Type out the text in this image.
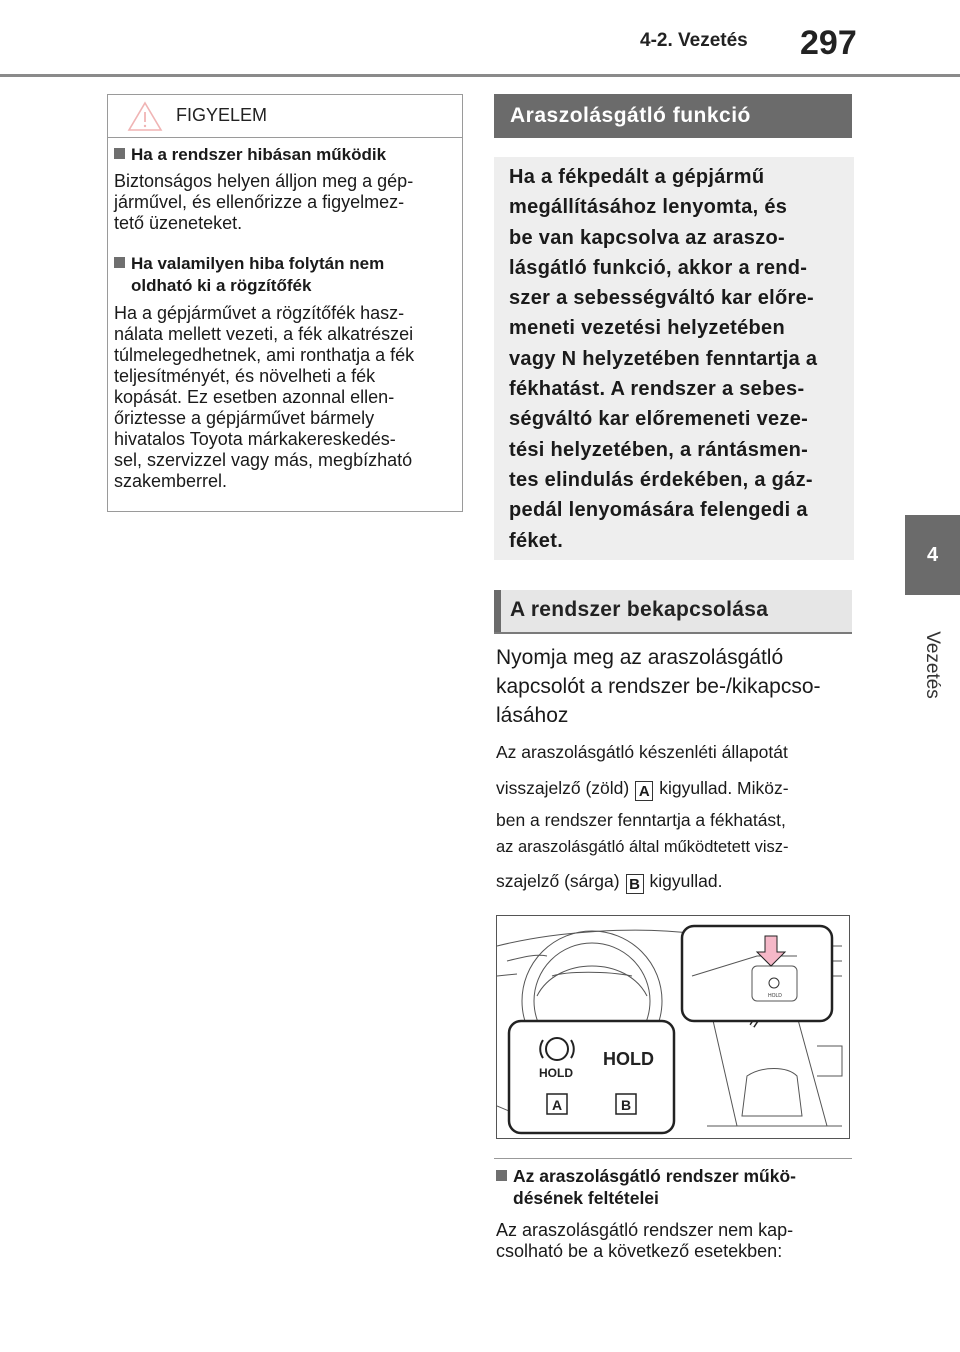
4-2. Vezetés	297
4
Vezetés
FIGYELEM
Ha a rendszer hibásan működik
Biztonságos helyen álljon meg a gép-
járművel, és ellenőrizze a figyelmez-
tető üzeneteket.
Ha valamilyen hiba folytán nem
oldható ki a rögzítőfék
Ha a gépjárművet a rögzítőfék hasz-
nálata mellett vezeti, a fék alkatrészei
túlmelegedhetnek, ami ronthatja a fék
teljesítményét, és növelheti a fék
kopását. Ez esetben azonnal ellen-
őriztesse a gépjárművet bármely
hivatalos Toyota márkakereskedés-
sel, szervizzel vagy más, megbízható
szakemberrel.
Araszolásgátló funkció

Ha a fékpedált a gépjármű
megállításához lenyomta, és
be van kapcsolva az araszo-
lásgátló funkció, akkor a rend-
szer a sebességváltó kar előre-
meneti vezetési helyzetében
vagy N helyzetében fenntartja a
fékhatást. A rendszer a sebes-
ségváltó kar előremeneti veze-
tési helyzetében, a rántásmen-
tes elindulás érdekében, a gáz-
pedál lenyomására felengedi a
féket.

A rendszer bekapcsolása
Nyomja meg az araszolásgátló
kapcsolót a rendszer be-/kikapcso-
lásához
Az araszolásgátló készenléti állapotát
visszajelző (zöld) A kigyullad. Miköz-
ben a rendszer fenntartja a fékhatást,
az araszolásgátló által működtetett visz-
szajelző (sárga) B kigyullad.
HOLD
HOLD
HOLD
A	B
Az araszolásgátló rendszer műkö-
désének feltételei
Az araszolásgátló rendszer nem kap-
csolható be a következő esetekben:
